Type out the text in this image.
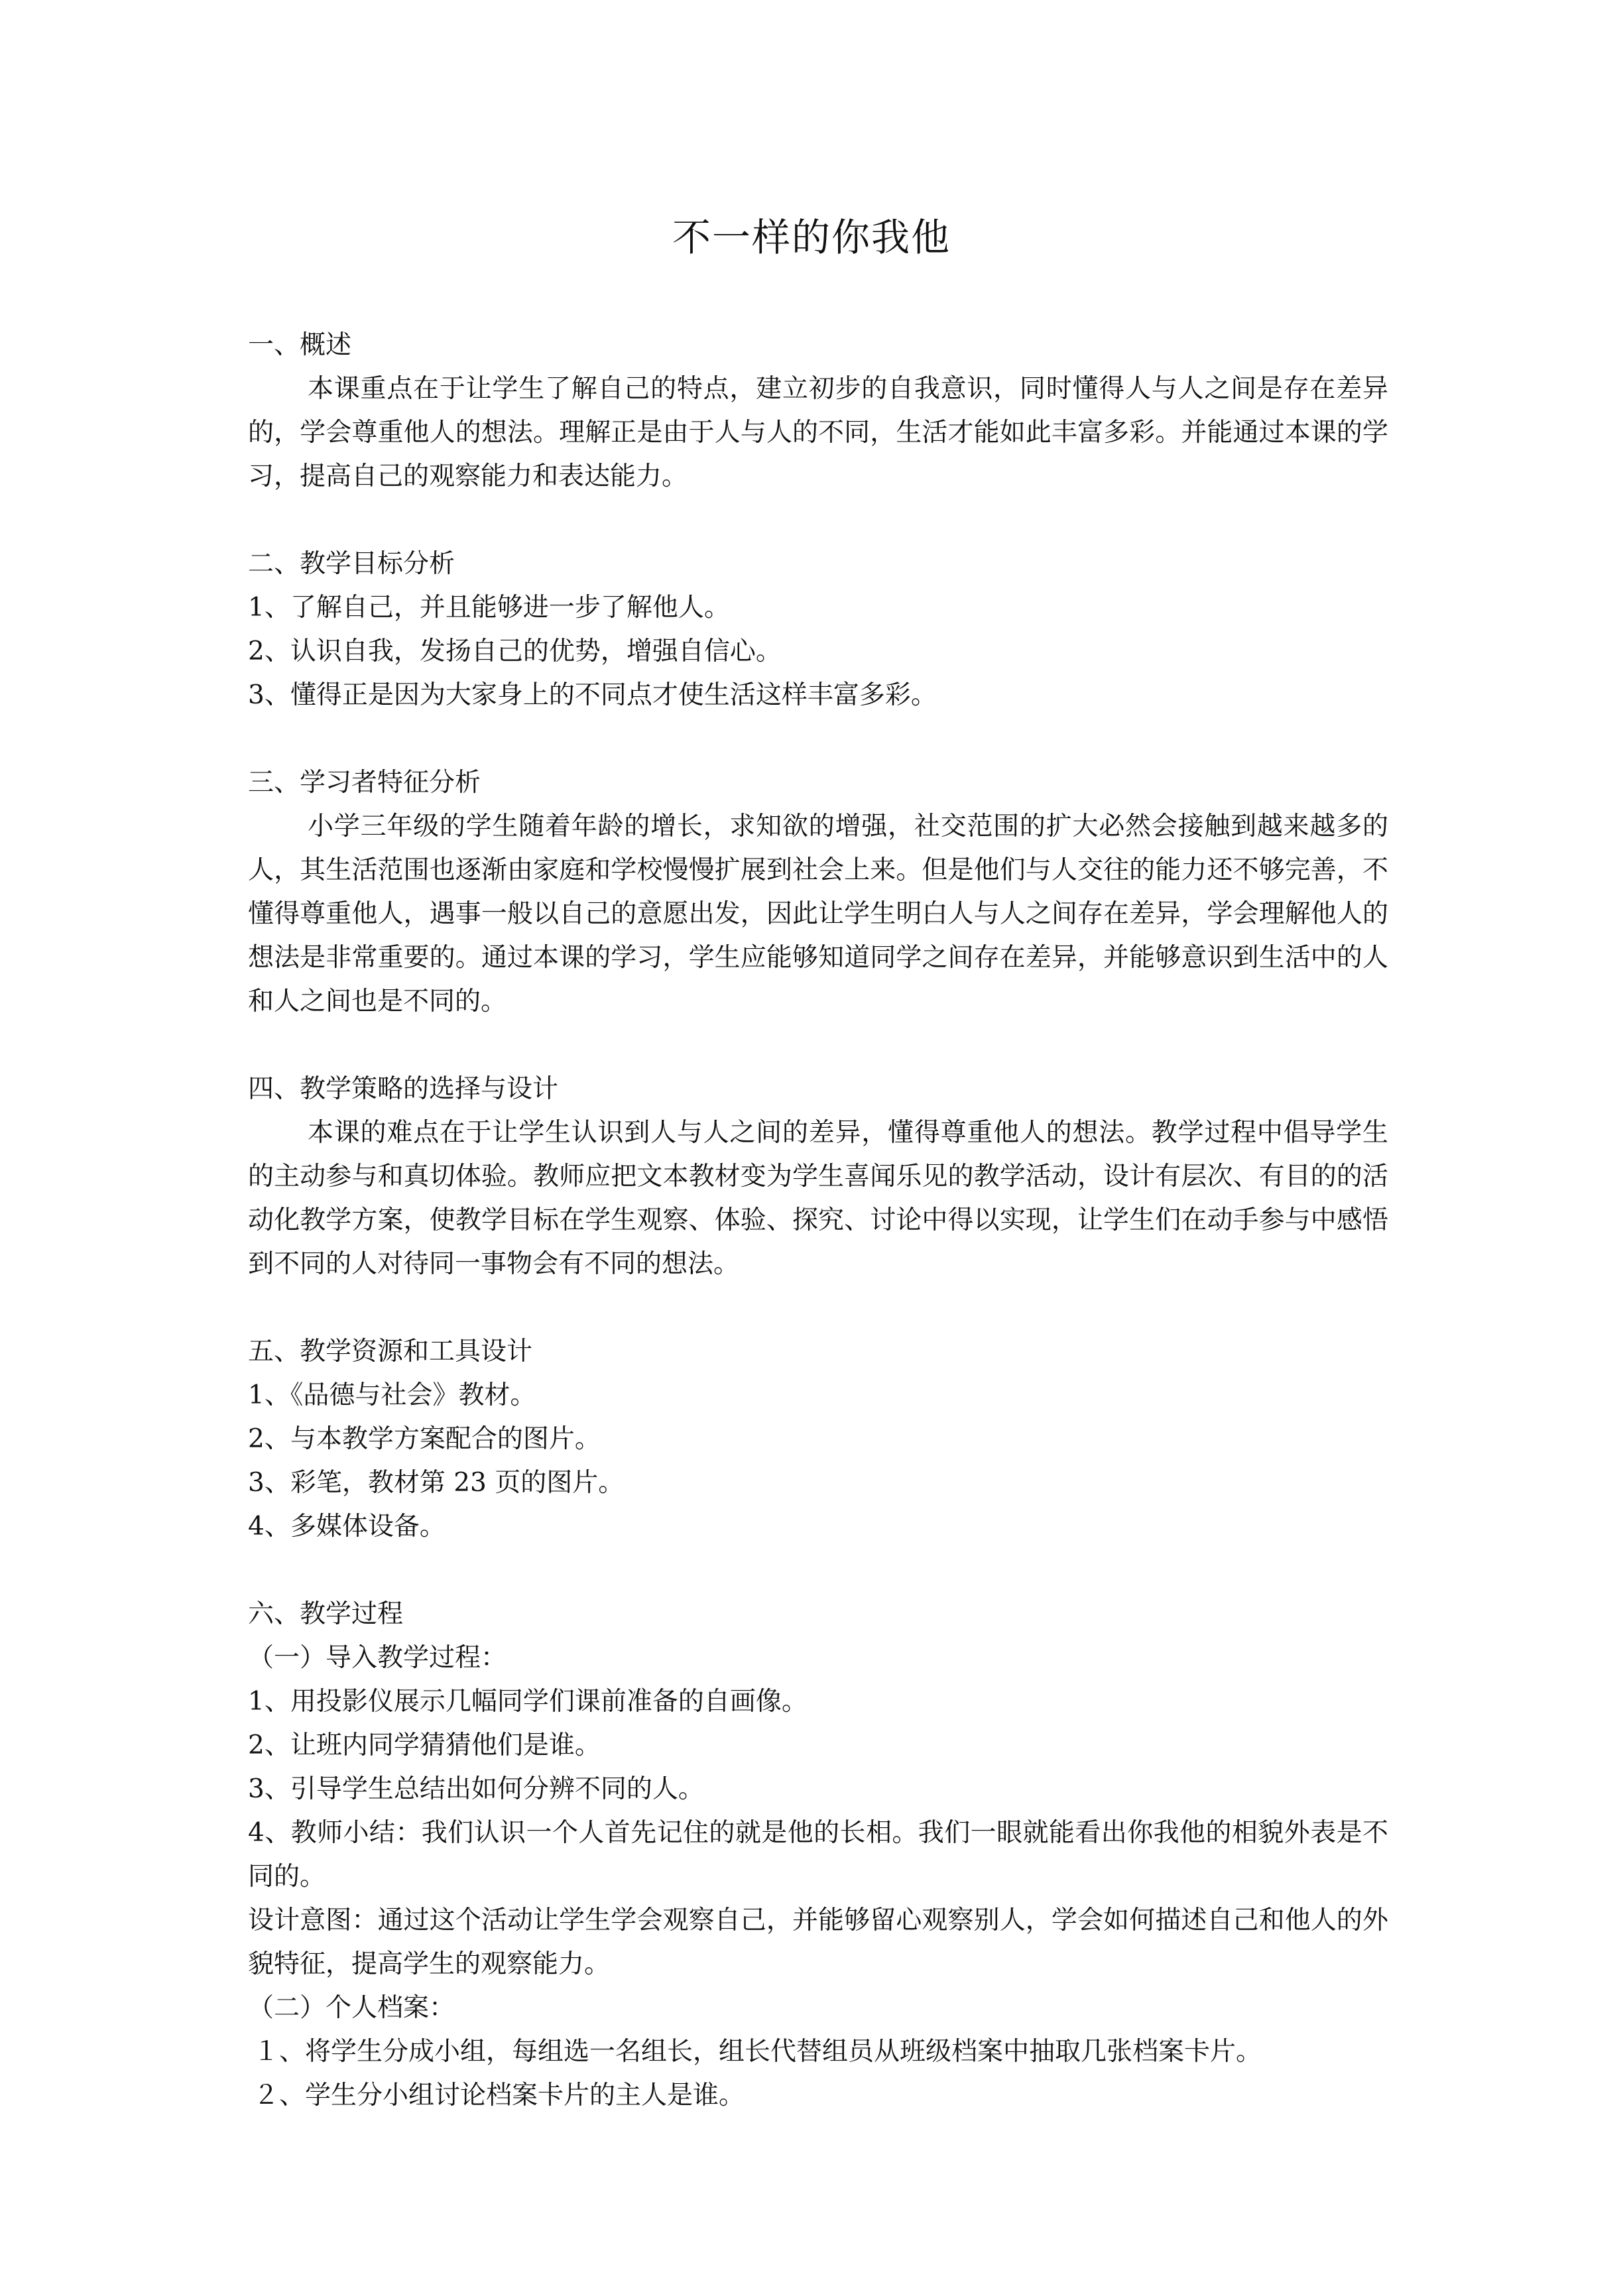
不一样的你我他

一、概述

本课重点在于让学生了解自己的特点，建立初步的自我意识，同时懂得人与人之间是存在差异的，学会尊重他人的想法。理解正是由于人与人的不同，生活才能如此丰富多彩。并能通过本课的学习，提高自己的观察能力和表达能力。

二、教学目标分析

1、了解自己，并且能够进一步了解他人。

2、认识自我，发扬自己的优势，增强自信心。

3、懂得正是因为大家身上的不同点才使生活这样丰富多彩。

三、学习者特征分析

小学三年级的学生随着年龄的增长，求知欲的增强，社交范围的扩大必然会接触到越来越多的人，其生活范围也逐渐由家庭和学校慢慢扩展到社会上来。但是他们与人交往的能力还不够完善，不懂得尊重他人，遇事一般以自己的意愿出发，因此让学生明白人与人之间存在差异，学会理解他人的想法是非常重要的。通过本课的学习，学生应能够知道同学之间存在差异，并能够意识到生活中的人和人之间也是不同的。

四、教学策略的选择与设计

本课的难点在于让学生认识到人与人之间的差异，懂得尊重他人的想法。教学过程中倡导学生的主动参与和真切体验。教师应把文本教材变为学生喜闻乐见的教学活动，设计有层次、有目的的活动化教学方案，使教学目标在学生观察、体验、探究、讨论中得以实现，让学生们在动手参与中感悟到不同的人对待同一事物会有不同的想法。

五、教学资源和工具设计

1、《品德与社会》教材。

2、与本教学方案配合的图片。

3、彩笔，教材第 23 页的图片。

4、多媒体设备。

六、教学过程

（一）导入教学过程：

1、用投影仪展示几幅同学们课前准备的自画像。

2、让班内同学猜猜他们是谁。

3、引导学生总结出如何分辨不同的人。

4、教师小结：我们认识一个人首先记住的就是他的长相。我们一眼就能看出你我他的相貌外表是不同的。

设计意图：通过这个活动让学生学会观察自己，并能够留心观察别人，学会如何描述自己和他人的外貌特征，提高学生的观察能力。

（二）个人档案：

１、将学生分成小组，每组选一名组长，组长代替组员从班级档案中抽取几张档案卡片。

２、学生分小组讨论档案卡片的主人是谁。
